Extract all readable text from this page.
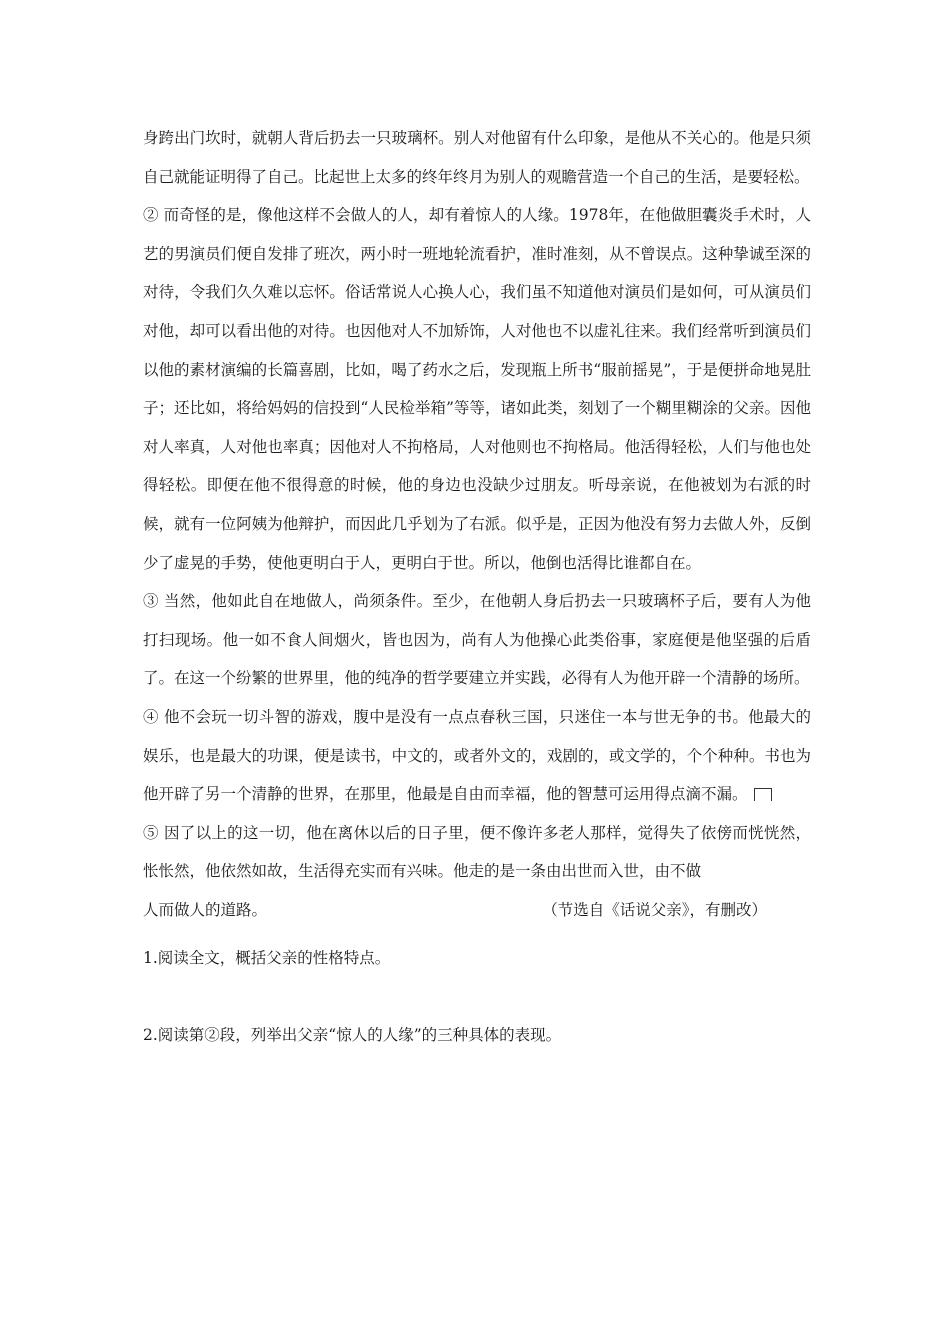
身跨出门坎时，就朝人背后扔去一只玻璃杯。别人对他留有什么印象，是他从不关心的。他是只须自己就能证明得了自己。比起世上太多的终年终月为别人的观瞻营造一个自己的生活，是要轻松。

② 而奇怪的是，像他这样不会做人的人，却有着惊人的人缘。1978年，在他做胆囊炎手术时，人艺的男演员们便自发排了班次，两小时一班地轮流看护，准时准刻，从不曾误点。这种挚诚至深的对待，令我们久久难以忘怀。俗话常说人心换人心，我们虽不知道他对演员们是如何，可从演员们对他，却可以看出他的对待。也因他对人不加矫饰，人对他也不以虚礼往来。我们经常听到演员们以他的素材演编的长篇喜剧，比如，喝了药水之后，发现瓶上所书“服前摇晃”，于是便拼命地晃肚子；还比如，将给妈妈的信投到“人民检举箱”等等，诸如此类，刻划了一个糊里糊涂的父亲。因他对人率真，人对他也率真；因他对人不拘格局，人对他则也不拘格局。他活得轻松，人们与他也处得轻松。即便在他不很得意的时候，他的身边也没缺少过朋友。听母亲说，在他被划为右派的时候，就有一位阿姨为他辩护，而因此几乎划为了右派。似乎是，正因为他没有努力去做人外，反倒少了虚晃的手势，使他更明白于人，更明白于世。所以，他倒也活得比谁都自在。

③ 当然，他如此自在地做人，尚须条件。至少，在他朝人身后扔去一只玻璃杯子后，要有人为他打扫现场。他一如不食人间烟火，皆也因为，尚有人为他操心此类俗事，家庭便是他坚强的后盾了。在这一个纷繁的世界里，他的纯净的哲学要建立并实践，必得有人为他开辟一个清静的场所。

④ 他不会玩一切斗智的游戏，腹中是没有一点点春秋三国，只迷住一本与世无争的书。他最大的娱乐，也是最大的功课，便是读书，中文的，或者外文的，戏剧的，或文学的，个个种种。书也为他开辟了另一个清静的世界，在那里，他最是自由而幸福，他的智慧可运用得点滴不漏。

⑤ 因了以上的这一切，他在离休以后的日子里，便不像许多老人那样，觉得失了依傍而恍恍然，怅怅然，他依然如故，生活得充实而有兴味。他走的是一条由出世而入世，由不做

人而做人的道路。	（节选自《话说父亲》，有删改）

1.阅读全文，概括父亲的性格特点。

2.阅读第②段，列举出父亲“惊人的人缘”的三种具体的表现。
